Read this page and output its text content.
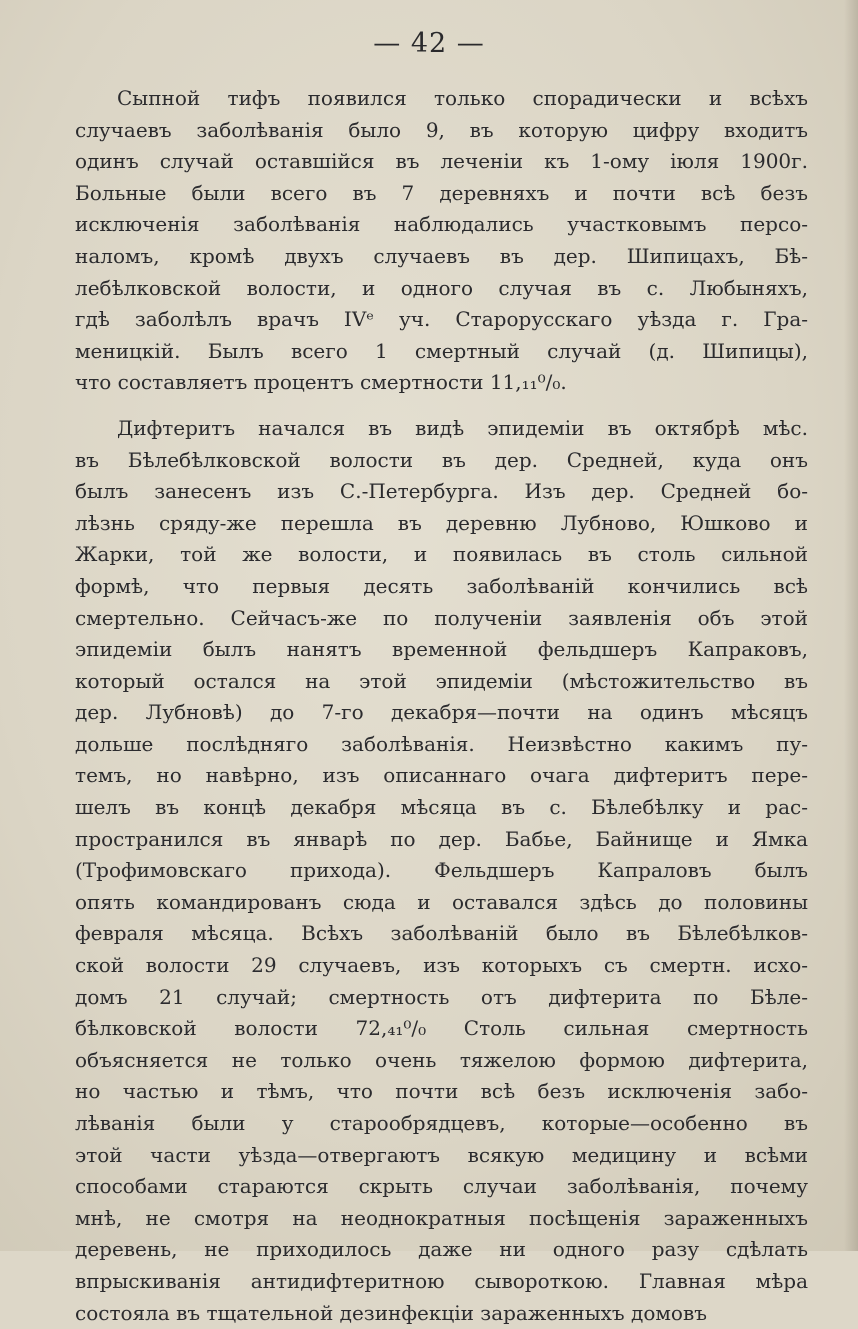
— 42 —
Сыпной тифъ появился только спорадически и всѣхъ
случаевъ заболѣванія было 9, въ которую цифру входитъ
одинъ случай оставшійся въ леченіи къ 1-ому іюля 1900г.
Больные были всего въ 7 деревняхъ и почти всѣ безъ
исключенія заболѣванія наблюдались участковымъ персо-
наломъ, кромѣ двухъ случаевъ въ дер. Шипицахъ, Бѣ-
лебѣлковской волости, и одного случая въ с. Любыняхъ,
гдѣ заболѣлъ врачъ IVᵉ уч. Старорусскаго уѣзда г. Гра-
меницкій. Былъ всего 1 смертный случай (д. Шипицы),
что составляетъ процентъ смертности 11,₁₁⁰/₀.
Дифтеритъ начался въ видѣ эпидеміи въ октябрѣ мѣс.
въ Бѣлебѣлковской волости въ дер. Средней, куда онъ
былъ занесенъ изъ С.-Петербурга. Изъ дер. Средней бо-
лѣзнь сряду-же перешла въ деревню Лубново, Юшково и
Жарки, той же волости, и появилась въ столь сильной
формѣ, что первыя десять заболѣваній кончились всѣ
смертельно. Сейчасъ-же по полученіи заявленія объ этой
эпидеміи былъ нанятъ временной фельдшеръ Капраковъ,
который остался на этой эпидеміи (мѣстожительство въ
дер. Лубновѣ) до 7-го декабря—почти на одинъ мѣсяцъ
дольше послѣдняго заболѣванія. Неизвѣстно какимъ пу-
темъ, но навѣрно, изъ описаннаго очага дифтеритъ пере-
шелъ въ концѣ декабря мѣсяца въ с. Бѣлебѣлку и рас-
пространился въ январѣ по дер. Бабье, Байнище и Ямка
(Трофимовскаго прихода). Фельдшеръ Капраловъ былъ
опять командированъ сюда и оставался здѣсь до половины
февраля мѣсяца. Всѣхъ заболѣваній было въ Бѣлебѣлков-
ской волости 29 случаевъ, изъ которыхъ съ смертн. исхо-
домъ 21 случай; смертность отъ дифтерита по Бѣле-
бѣлковской волости 72,₄₁⁰/₀ Столь сильная смертность
объясняется не только очень тяжелою формою дифтерита,
но частью и тѣмъ, что почти всѣ безъ исключенія забо-
лѣванія были у старообрядцевъ, которые—особенно въ
этой части уѣзда—отвергаютъ всякую медицину и всѣми
способами стараются скрыть случаи заболѣванія, почему
мнѣ, не смотря на неоднократныя посѣщенія зараженныхъ
деревень, не приходилось даже ни одного разу сдѣлать
впрыскиванія антидифтеритною сывороткою. Главная мѣра
состояла въ тщательной дезинфекціи зараженныхъ домовъ
